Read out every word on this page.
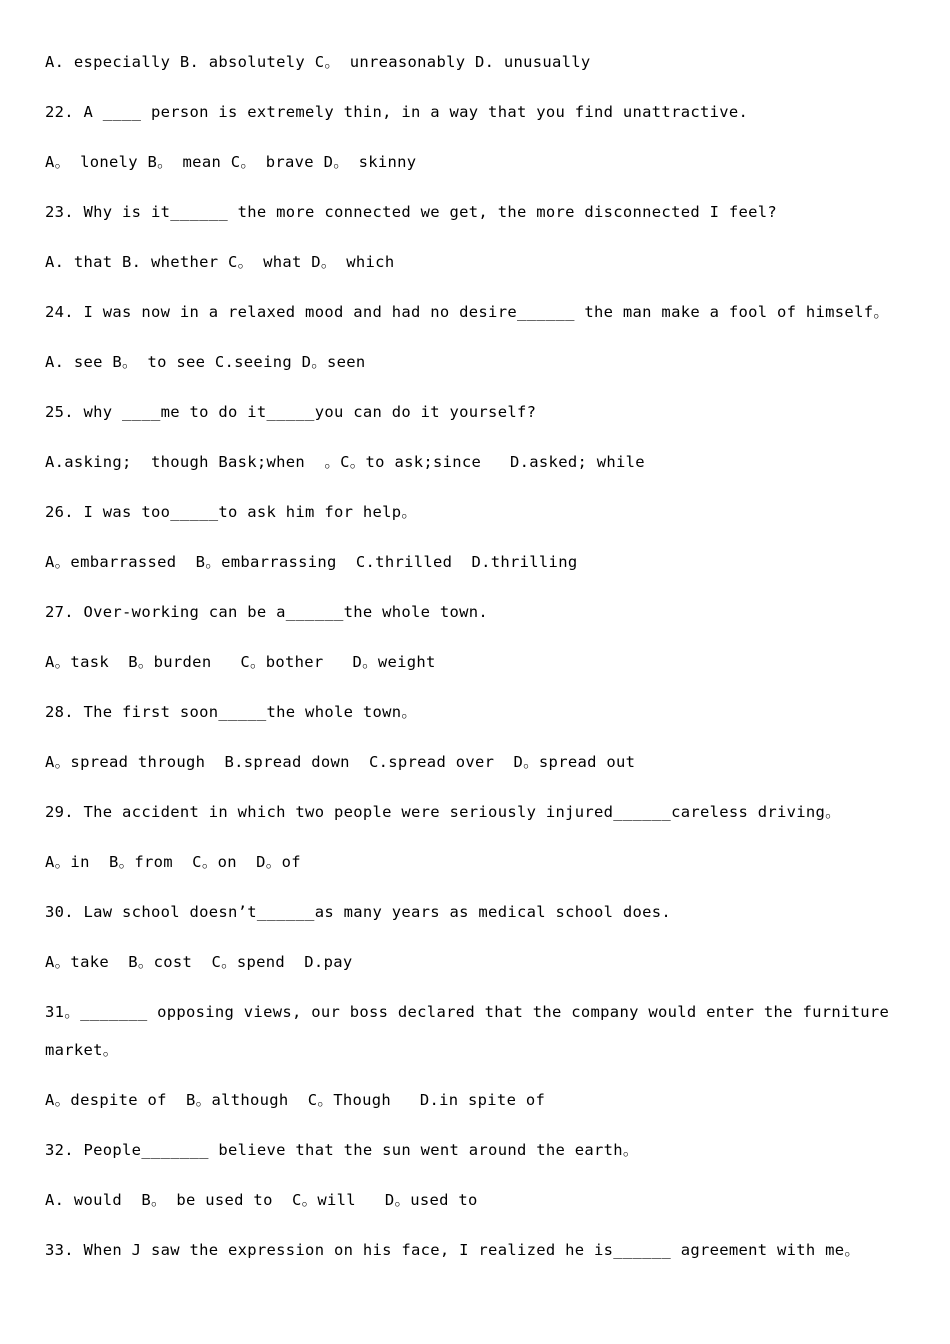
A. especially B. absolutely C。 unreasonably D. unusually
22. A ____ person is extremely thin, in a way that you find unattractive.
A。 lonely B。 mean C。 brave D。 skinny
23. Why is it______ the more connected we get, the more disconnected I feel?
A. that B. whether C。 what D。 which
24. I was now in a relaxed mood and had no desire______ the man make a fool of himself。
A. see B。 to see C.seeing D。seen
25. why ____me to do it_____you can do it yourself?
A.asking;  though Bask;when  。C。to ask;since   D.asked; while
26. I was too_____to ask him for help。
A。embarrassed  B。embarrassing  C.thrilled  D.thrilling
27. Over-working can be a______the whole town.
A。task  B。burden   C。bother   D。weight
28. The first soon_____the whole town。
A。spread through  B.spread down  C.spread over  D。spread out
29. The accident in which two people were seriously injured______careless driving。
A。in  B。from  C。on  D。of
30. Law school doesn’t______as many years as medical school does.
A。take  B。cost  C。spend  D.pay
31。_______ opposing views, our boss declared that the company would enter the furniture
market。
A。despite of  B。although  C。Though   D.in spite of
32. People_______ believe that the sun went around the earth。
A. would  B。 be used to  C。will   D。used to
33. When J saw the expression on his face, I realized he is______ agreement with me。
